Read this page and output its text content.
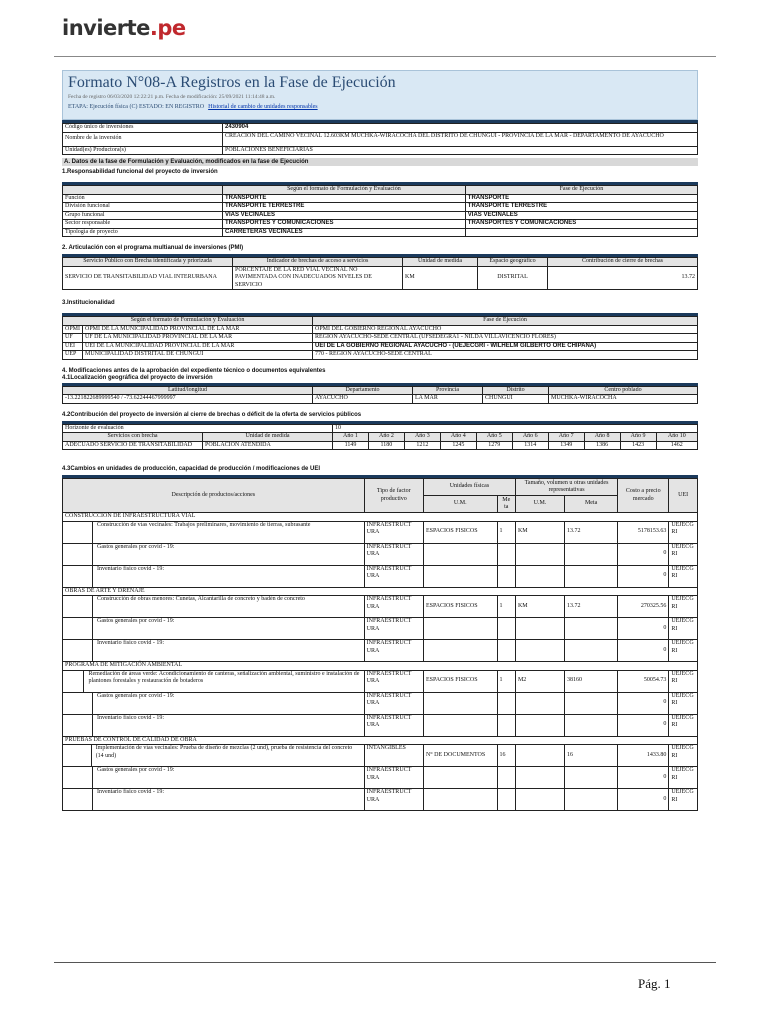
invierte.pe
Formato N°08-A Registros en la Fase de Ejecución
Fecha de registro 06/03/2020 12:22:21 p.m. Fecha de modificación: 25/09/2021 11:14:48 a.m.
ETAPA: Ejecución física (C) ESTADO: EN REGISTRO Historial de cambio de unidades responsables
Código único de inversiones	2430904
Nombre de la inversión	CREACION DEL CAMINO VECINAL 12.603KM MUCHKA-WIRACOCHA DEL DISTRITO DE CHUNGUI - PROVINCIA DE LA MAR - DEPARTAMENTO DE AYACUCHO
Unidad(es) Productora(s)	POBLACIONES BENEFICIARIAS
A. Datos de la fase de Formulación y Evaluación, modificados en la fase de Ejecución
1.Responsabilidad funcional del proyecto de inversión
	Según el formato de Formulación y Evaluación	Fase de Ejecución
Función	TRANSPORTE	TRANSPORTE
División funcional	TRANSPORTE TERRESTRE	TRANSPORTE TERRESTRE
Grupo funcional	VIAS VECINALES	VIAS VECINALES
Sector responsable	TRANSPORTES Y COMUNICACIONES	TRANSPORTES Y COMUNICACIONES
Tipología de proyecto	CARRETERAS VECINALES	
2. Articulación con el programa multianual de inversiones (PMI)
Servicio Público con Brecha identificada y priorizada	Indicador de brechas de acceso a servicios	Unidad de medida	Espacio geográfico	Contribución de cierre de brechas
SERVICIO DE TRANSITABILIDAD VIAL INTERURBANA	PORCENTAJE DE LA RED VIAL VECINAL NO PAVIMENTADA CON INADECUADOS NIVELES DE SERVICIO	KM	DISTRITAL	13.72
3.Institucionalidad
Según el formato de Formulación y Evaluación		Fase de Ejecución
OPMI	OPMI DE LA MUNICIPALIDAD PROVINCIAL DE LA MAR	OPMI DEL GOBIERNO REGIONAL AYACUCHO
UF	UF DE LA MUNICIPALIDAD PROVINCIAL DE LA MAR	REGION AYACUCHO-SEDE CENTRAL (UFSEDEGRA1 - NILDA VILLAVICENCIO FLORES)
UEI	UEI DE LA MUNICIPALIDAD PROVINCIAL DE LA MAR	UEI DE LA GOBIERNO REGIONAL AYACUCHO - (UEJECGRI - WILHELM GILBERTO ORE CHIPANA)
UEP	MUNICIPALIDAD DISTRITAL DE CHUNGUI	770 - REGION AYACUCHO-SEDE CENTRAL
4. Modificaciones antes de la aprobación del expediente técnico o documentos equivalentes
4.1Localización geográfica del proyecto de inversión
Latitud/longitud	Departamento	Provincia	Distrito	Centro poblado
-13.221822689999540 / -73.62244467999997	AYACUCHO	LA MAR	CHUNGUI	MUCHKA-WIRACOCHA
4.2Contribución del proyecto de inversión al cierre de brechas o déficit de la oferta de servicios públicos
Horizonte de evaluación		10									
Servicios con brecha	Unidad de medida	Año 1	Año 2	Año 3	Año 4	Año 5	Año 6	Año 7	Año 8	Año 9	Año 10
ADECUADO SERVICIO DE TRANSITABILIDAD	POBLACION ATENDIDA	1149	1180	1212	1245	1279	1314	1349	1386	1423	1462
4.3Cambios en unidades de producción, capacidad de producción / modificaciones de UEI
Descripción de productos/acciones	Tipo de factor productivo	Unidades físicas		Tamaño, volumen u otras unidades representativas		Costo a precio mercado	UEI
		U.M.	Me ta	U.M.	Meta		
CONSTRUCCION DE INFRAESTRUCTURA VIAL							

Construcción de vías vecinales: Trabajos preliminares, movimiento de tierras, subrasante	INFRAESTRUCT URA	ESPACIOS FISICOS	1	KM	13.72	5178153.63	UEJECG RI

Gastos generales por covid - 19:	INFRAESTRUCT URA					0	UEJECG RI

Inventario físico covid - 19:	INFRAESTRUCT URA					0	UEJECG RI
OBRAS DE ARTE Y DRENAJE							

Construcción de obras menores: Cunetas, Alcantarilla de concreto y badén de concreto	INFRAESTRUCT URA	ESPACIOS FISICOS	1	KM	13.72	270325.56	UEJECG RI

Gastos generales por covid - 19:	INFRAESTRUCT URA					0	UEJECG RI

Inventario físico covid - 19:	INFRAESTRUCT URA					0	UEJECG RI
PROGRAMA DE MITIGACIÓN AMBIENTAL							

Remediación de áreas verde: Acondicionamiento de canteras, señalización ambiental, suministro e instalación de plantones forestales y restauración de botaderos	INFRAESTRUCT URA	ESPACIOS FISICOS	1	M2	38160	50054.73	UEJECG RI

Gastos generales por covid - 19:	INFRAESTRUCT URA					0	UEJECG RI

Inventario físico covid - 19:	INFRAESTRUCT URA					0	UEJECG RI
PRUEBAS DE CONTROL DE CALIDAD DE OBRA							

Implementación de vías vecinales: Prueba de diseño de mezclas (2 und), prueba de resistencia del concreto (14 und)	INTANGIBLES	N° DE DOCUMENTOS	16		16	1433.80	UEJECG RI

Gastos generales por covid - 19:	INFRAESTRUCT URA					0	UEJECG RI

Inventario físico covid - 19:	INFRAESTRUCT URA					0	UEJECG RI
Pág. 1
